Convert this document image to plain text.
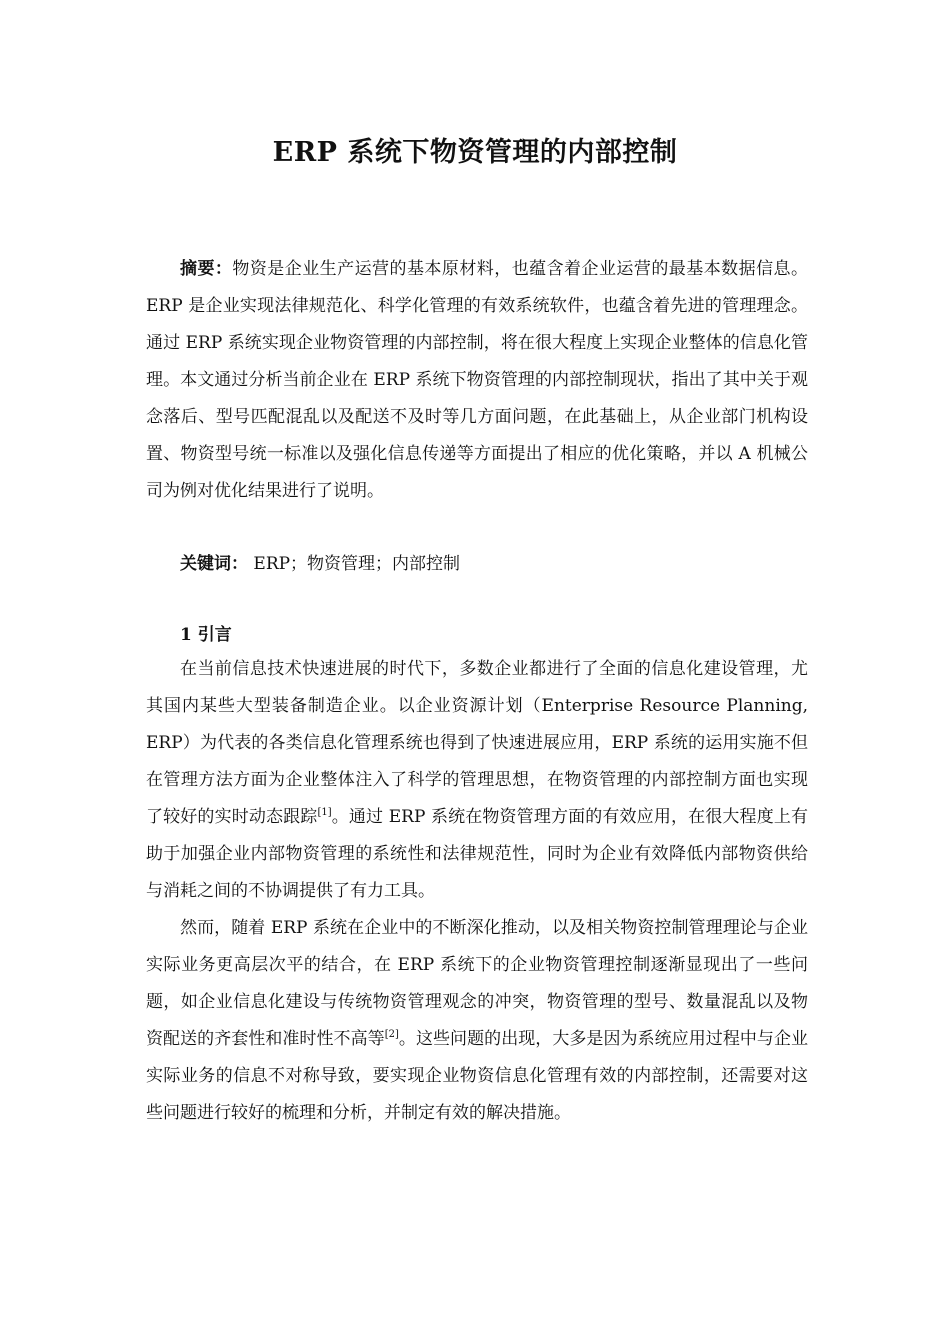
ERP 系统下物资管理的内部控制

摘要：物资是企业生产运营的基本原材料，也蕴含着企业运营的最基本数据信息。ERP 是企业实现法律规范化、科学化管理的有效系统软件，也蕴含着先进的管理理念。通过 ERP 系统实现企业物资管理的内部控制，将在很大程度上实现企业整体的信息化管理。本文通过分析当前企业在 ERP 系统下物资管理的内部控制现状，指出了其中关于观念落后、型号匹配混乱以及配送不及时等几方面问题，在此基础上，从企业部门机构设置、物资型号统一标准以及强化信息传递等方面提出了相应的优化策略，并以 A 机械公司为例对优化结果进行了说明。

关键词： ERP；物资管理；内部控制
1 引言

在当前信息技术快速进展的时代下，多数企业都进行了全面的信息化建设管理，尤其国内某些大型装备制造企业。以企业资源计划（Enterprise Resource Planning, ERP）为代表的各类信息化管理系统也得到了快速进展应用，ERP 系统的运用实施不但在管理方法方面为企业整体注入了科学的管理思想，在物资管理的内部控制方面也实现了较好的实时动态跟踪[1]。通过 ERP 系统在物资管理方面的有效应用，在很大程度上有助于加强企业内部物资管理的系统性和法律规范性，同时为企业有效降低内部物资供给与消耗之间的不协调提供了有力工具。

然而，随着 ERP 系统在企业中的不断深化推动，以及相关物资控制管理理论与企业实际业务更高层次平的结合，在 ERP 系统下的企业物资管理控制逐渐显现出了一些问题，如企业信息化建设与传统物资管理观念的冲突，物资管理的型号、数量混乱以及物资配送的齐套性和准时性不高等[2]。这些问题的出现，大多是因为系统应用过程中与企业实际业务的信息不对称导致，要实现企业物资信息化管理有效的内部控制，还需要对这些问题进行较好的梳理和分析，并制定有效的解决措施。
